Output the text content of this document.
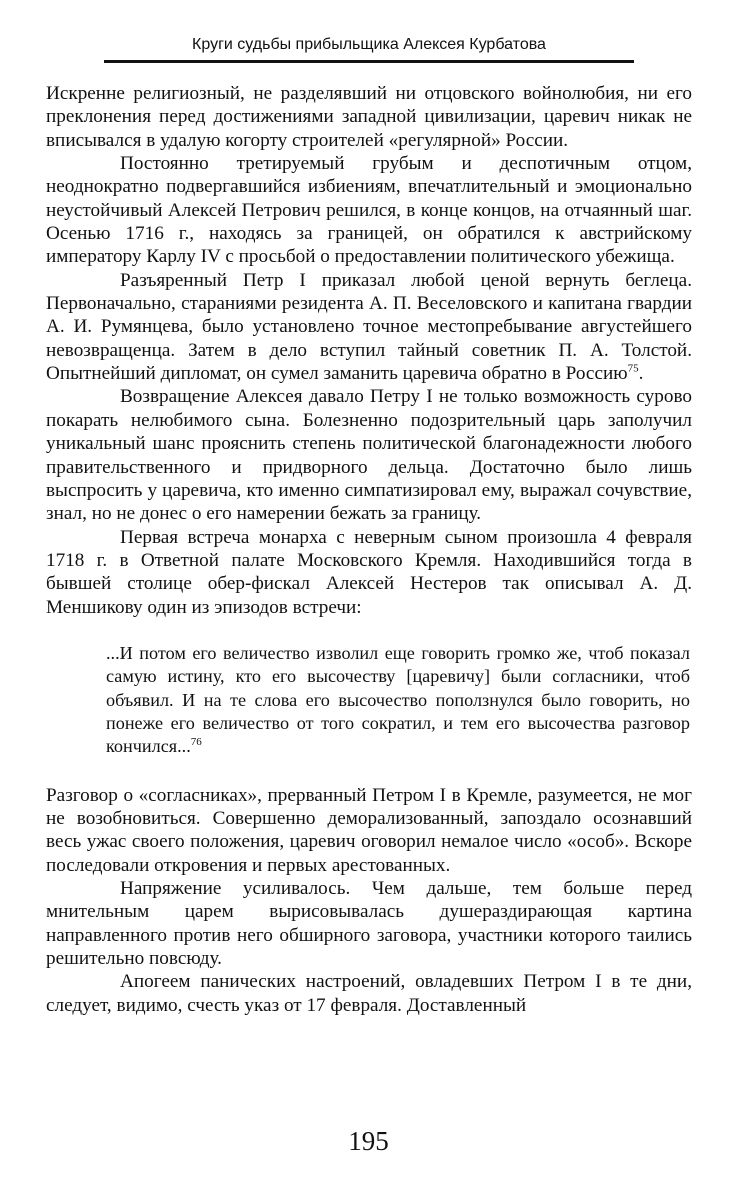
Круги судьбы прибыльщика Алексея Курбатова

Искренне религиозный, не разделявший ни отцовского войнолюбия, ни его преклонения перед достижениями западной цивилизации, царевич никак не вписывался в удалую когорту строителей «регулярной» России.

Постоянно третируемый грубым и деспотичным отцом, неоднократно подвергавшийся избиениям, впечатлительный и эмоционально неустойчивый Алексей Петрович решился, в конце концов, на отчаянный шаг. Осенью 1716 г., находясь за границей, он обратился к австрийскому императору Карлу IV с просьбой о предоставлении политического убежища.

Разъяренный Петр I приказал любой ценой вернуть беглеца. Первоначально, стараниями резидента А. П. Веселовского и капитана гвардии А. И. Румянцева, было установлено точное местопребывание августейшего невозвращенца. Затем в дело вступил тайный советник П. А. Толстой. Опытнейший дипломат, он сумел заманить царевича обратно в Россию$^{75}$.

Возвращение Алексея давало Петру I не только возможность сурово покарать нелюбимого сына. Болезненно подозрительный царь заполучил уникальный шанс прояснить степень политической благонадежности любого правительственного и придворного дельца. Достаточно было лишь выспросить у царевича, кто именно симпатизировал ему, выражал сочувствие, знал, но не донес о его намерении бежать за границу.

Первая встреча монарха с неверным сыном произошла 4 февраля 1718 г. в Ответной палате Московского Кремля. Находившийся тогда в бывшей столице обер-фискал Алексей Нестеров так описывал А. Д. Меншикову один из эпизодов встречи:

...И потом его величество изволил еще говорить громко же, чтоб показал самую истину, кто его высочеству [царевичу] были согласники, чтоб объявил. И на те слова его высочество поползнулся было говорить, но понеже его величество от того сократил, и тем его высочества разговор кончился...$^{76}$

Разговор о «согласниках», прерванный Петром I в Кремле, разумеется, не мог не возобновиться. Совершенно деморализованный, запоздало осознавший весь ужас своего положения, царевич оговорил немалое число «особ». Вскоре последовали откровения и первых арестованных.

Напряжение усиливалось. Чем дальше, тем больше перед мнительным царем вырисовывалась душераздирающая картина направленного против него обширного заговора, участники которого таились решительно повсюду.

Апогеем панических настроений, овладевших Петром I в те дни, следует, видимо, счесть указ от 17 февраля. Доставленный

195
